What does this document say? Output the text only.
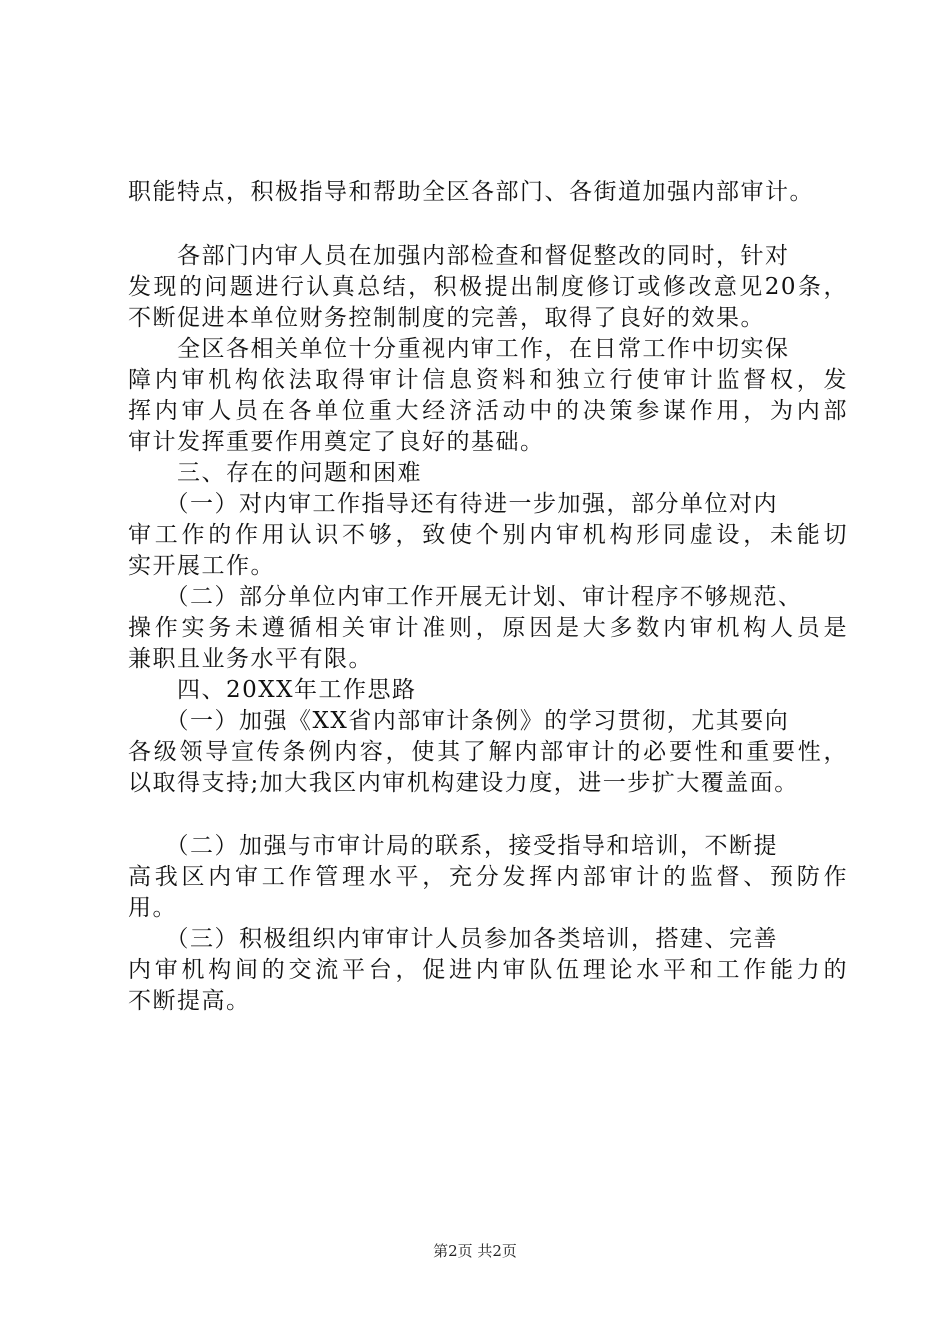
职能特点，积极指导和帮助全区各部门、各街道加强内部审计。
　　各部门内审人员在加强内部检查和督促整改的同时，针对
发现的问题进行认真总结，积极提出制度修订或修改意见20条，
不断促进本单位财务控制制度的完善，取得了良好的效果。
　　全区各相关单位十分重视内审工作，在日常工作中切实保
障内审机构依法取得审计信息资料和独立行使审计监督权，发
挥内审人员在各单位重大经济活动中的决策参谋作用，为内部
审计发挥重要作用奠定了良好的基础。
　　三、存在的问题和困难
　　（一）对内审工作指导还有待进一步加强，部分单位对内
审工作的作用认识不够，致使个别内审机构形同虚设，未能切
实开展工作。
　　（二）部分单位内审工作开展无计划、审计程序不够规范、
操作实务未遵循相关审计准则，原因是大多数内审机构人员是
兼职且业务水平有限。
　　四、20XX年工作思路
　　（一）加强《XX省内部审计条例》的学习贯彻，尤其要向
各级领导宣传条例内容，使其了解内部审计的必要性和重要性，
以取得支持;加大我区内审机构建设力度，进一步扩大覆盖面。
　　（二）加强与市审计局的联系，接受指导和培训，不断提
高我区内审工作管理水平，充分发挥内部审计的监督、预防作
用。
　　（三）积极组织内审审计人员参加各类培训，搭建、完善
内审机构间的交流平台，促进内审队伍理论水平和工作能力的
不断提高。
第2页 共2页
